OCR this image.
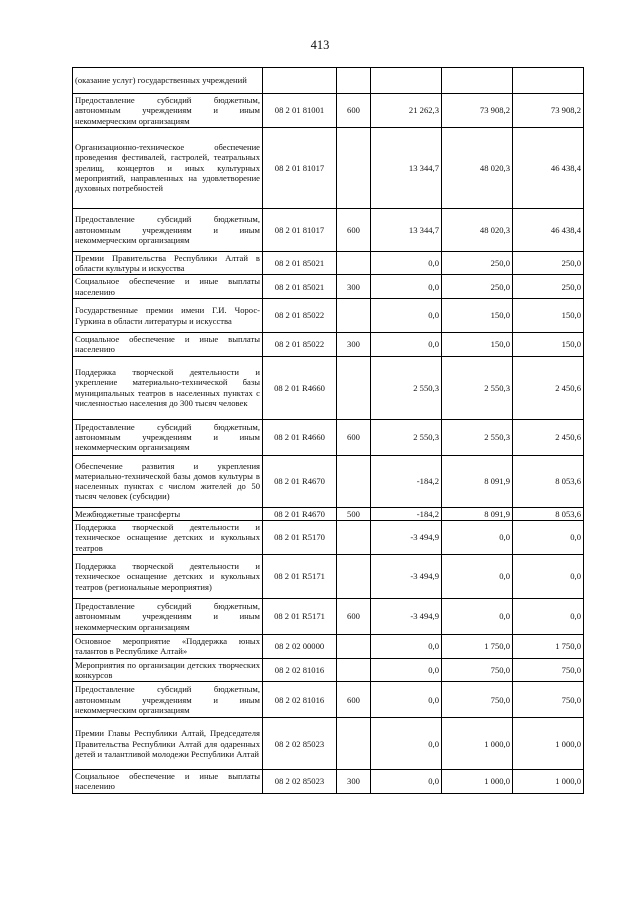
413
(оказание услуг) государственных учреждений					
Предоставление субсидий бюджетным, автономным учреждениям и иным некоммерческим организациям	08 2 01 81001	600	21 262,3	73 908,2	73 908,2
Организационно-техническое обеспечение проведения фестивалей, гастролей, театральных зрелищ, концертов и иных культурных мероприятий, направленных на удовлетворение духовных потребностей	08 2 01 81017		13 344,7	48 020,3	46 438,4
Предоставление субсидий бюджетным, автономным учреждениям и иным некоммерческим организациям	08 2 01 81017	600	13 344,7	48 020,3	46 438,4
Премии Правительства Республики Алтай в области культуры и искусства	08 2 01 85021		0,0	250,0	250,0
Социальное обеспечение и иные выплаты населению	08 2 01 85021	300	0,0	250,0	250,0
Государственные премии имени Г.И. Чорос-Гуркина в области литературы и искусства	08 2 01 85022		0,0	150,0	150,0
Социальное обеспечение и иные выплаты населению	08 2 01 85022	300	0,0	150,0	150,0
Поддержка творческой деятельности и укрепление материально-технической базы муниципальных театров в населенных пунктах с численностью населения до 300 тысяч человек	08 2 01 R4660		2 550,3	2 550,3	2 450,6
Предоставление субсидий бюджетным, автономным учреждениям и иным некоммерческим организациям	08 2 01 R4660	600	2 550,3	2 550,3	2 450,6
Обеспечение развития и укрепления материально-технической базы домов культуры в населенных пунктах с числом жителей до 50 тысяч человек (субсидии)	08 2 01 R4670		-184,2	8 091,9	8 053,6
Межбюджетные трансферты	08 2 01 R4670	500	-184,2	8 091,9	8 053,6
Поддержка творческой деятельности и техническое оснащение детских и кукольных театров	08 2 01 R5170		-3 494,9	0,0	0,0
Поддержка творческой деятельности и техническое оснащение детских и кукольных театров (региональные мероприятия)	08 2 01 R5171		-3 494,9	0,0	0,0
Предоставление субсидий бюджетным, автономным учреждениям и иным некоммерческим организациям	08 2 01 R5171	600	-3 494,9	0,0	0,0
Основное мероприятие «Поддержка юных талантов в Республике Алтай»	08 2 02 00000		0,0	1 750,0	1 750,0
Мероприятия по организации детских творческих конкурсов	08 2 02 81016		0,0	750,0	750,0
Предоставление субсидий бюджетным, автономным учреждениям и иным некоммерческим организациям	08 2 02 81016	600	0,0	750,0	750,0
Премии Главы Республики Алтай, Председателя Правительства Республики Алтай для одаренных детей и талантливой молодежи Республики Алтай	08 2 02 85023		0,0	1 000,0	1 000,0
Социальное обеспечение и иные выплаты населению	08 2 02 85023	300	0,0	1 000,0	1 000,0
